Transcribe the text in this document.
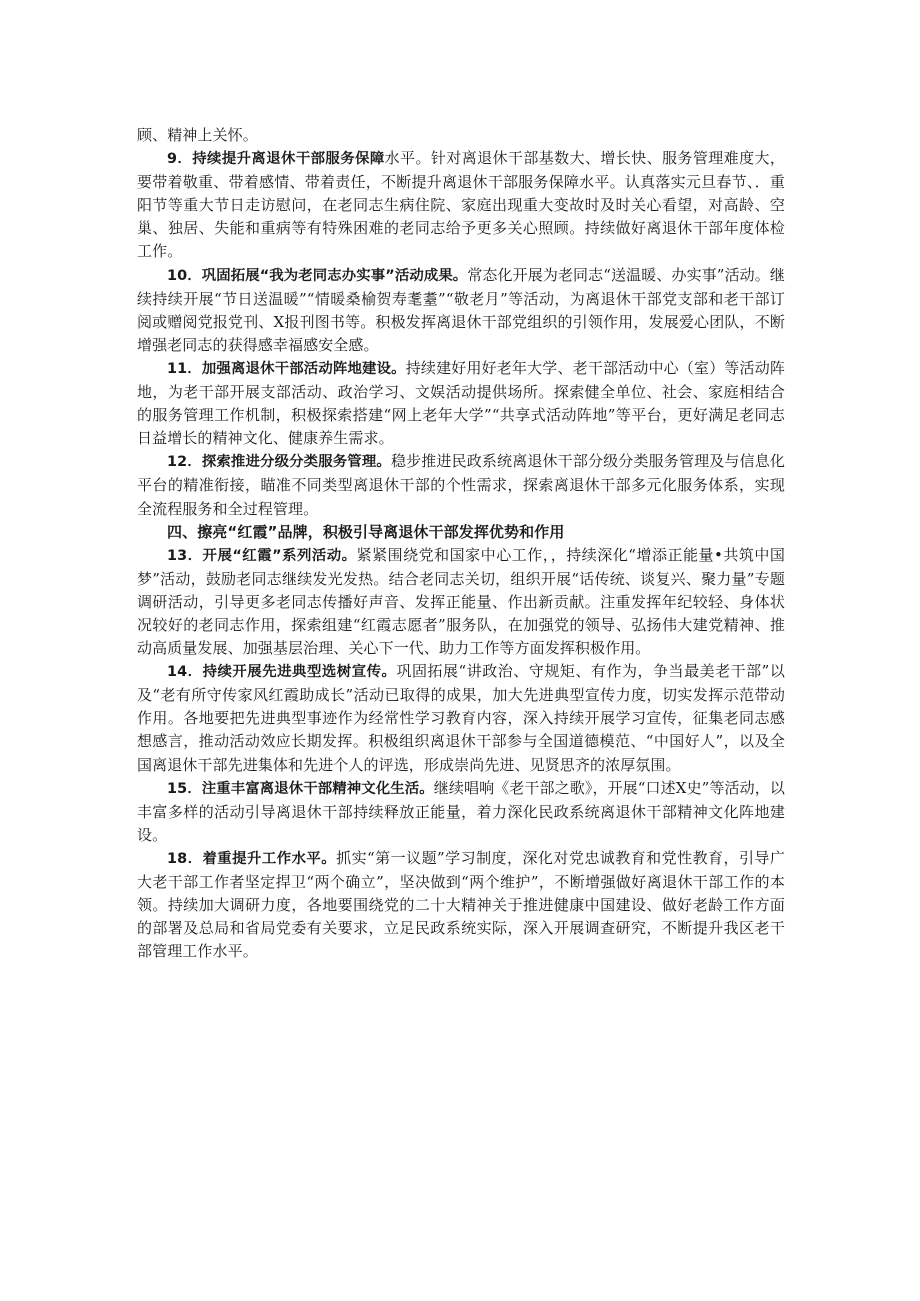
顾、精神上关怀。

9．持续提升离退休干部服务保障水平。针对离退休干部基数大、增长快、服务管理难度大，要带着敬重、带着感情、带着责任，不断提升离退休干部服务保障水平。认真落实元旦春节、．重阳节等重大节日走访慰问，在老同志生病住院、家庭出现重大变故时及时关心看望，对高龄、空巢、独居、失能和重病等有特殊困难的老同志给予更多关心照顾。持续做好离退休干部年度体检工作。

10．巩固拓展“我为老同志办实事”活动成果。常态化开展为老同志“送温暖、办实事”活动。继续持续开展“节日送温暖”“情暖桑榆贺寿耄耋”“敬老月”等活动，为离退休干部党支部和老干部订阅或赠阅党报党刊、X报刊图书等。积极发挥离退休干部党组织的引领作用，发展爱心团队，不断增强老同志的获得感幸福感安全感。

11．加强离退休干部活动阵地建设。持续建好用好老年大学、老干部活动中心（室）等活动阵地，为老干部开展支部活动、政治学习、文娱活动提供场所。探索健全单位、社会、家庭相结合的服务管理工作机制，积极探索搭建“网上老年大学”“共享式活动阵地”等平台，更好满足老同志日益增长的精神文化、健康养生需求。

12．探索推进分级分类服务管理。稳步推进民政系统离退休干部分级分类服务管理及与信息化平台的精准衔接，瞄准不同类型离退休干部的个性需求，探索离退休干部多元化服务体系，实现全流程服务和全过程管理。

四、擦亮“红霞”品牌，积极引导离退休干部发挥优势和作用

13．开展“红霞”系列活动。紧紧围绕党和国家中心工作，，持续深化“增添正能量•共筑中国梦”活动，鼓励老同志继续发光发热。结合老同志关切，组织开展“话传统、谈复兴、聚力量”专题调研活动，引导更多老同志传播好声音、发挥正能量、作出新贡献。注重发挥年纪较轻、身体状况较好的老同志作用，探索组建“红霞志愿者”服务队，在加强党的领导、弘扬伟大建党精神、推动高质量发展、加强基层治理、关心下一代、助力工作等方面发挥积极作用。

14．持续开展先进典型选树宣传。巩固拓展“讲政治、守规矩、有作为，争当最美老干部”以及“老有所守传家风红霞助成长”活动已取得的成果，加大先进典型宣传力度，切实发挥示范带动作用。各地要把先进典型事迹作为经常性学习教育内容，深入持续开展学习宣传，征集老同志感想感言，推动活动效应长期发挥。积极组织离退休干部参与全国道德模范、“中国好人”，以及全国离退休干部先进集体和先进个人的评选，形成崇尚先进、见贤思齐的浓厚氛围。

15．注重丰富离退休干部精神文化生活。继续唱响《老干部之歌》，开展“口述X史”等活动，以丰富多样的活动引导离退休干部持续释放正能量，着力深化民政系统离退休干部精神文化阵地建设。

18．着重提升工作水平。抓实“第一议题”学习制度，深化对党忠诚教育和党性教育，引导广大老干部工作者坚定捍卫“两个确立”，坚决做到“两个维护”，不断增强做好离退休干部工作的本领。持续加大调研力度，各地要围绕党的二十大精神关于推进健康中国建设、做好老龄工作方面的部署及总局和省局党委有关要求，立足民政系统实际，深入开展调查研究，不断提升我区老干部管理工作水平。
